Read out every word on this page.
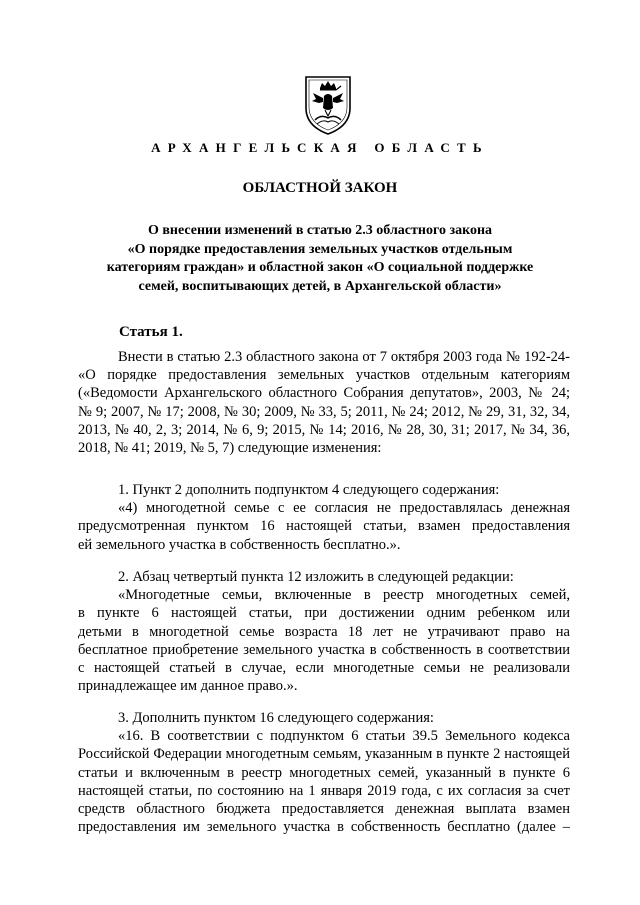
АРХАНГЕЛЬСКАЯ ОБЛАСТЬ
ОБЛАСТНОЙ ЗАКОН
О внесении изменений в статью 2.3 областного закона
«О порядке предоставления земельных участков отдельным
категориям граждан» и областной закон «О социальной поддержке
семей, воспитывающих детей, в Архангельской области»
Статья 1.
Внести в статью 2.3 областного закона от 7 октября 2003 года № 192-24-
«О порядке предоставления земельных участков отдельным категориям
(«Ведомости Архангельского областного Собрания депутатов», 2003, № 24;
№ 9; 2007, № 17; 2008, № 30; 2009, № 33, 5; 2011, № 24; 2012, № 29, 31, 32, 34,
2013, № 40, 2, 3; 2014, № 6, 9; 2015, № 14; 2016, № 28, 30, 31; 2017, № 34, 36,
2018, № 41; 2019, № 5, 7) следующие изменения:
1. Пункт 2 дополнить подпунктом 4 следующего содержания:
«4) многодетной семье с ее согласия не предоставлялась денежная
предусмотренная пунктом 16 настоящей статьи, взамен предоставления
ей земельного участка в собственность бесплатно.».
2. Абзац четвертый пункта 12 изложить в следующей редакции:
«Многодетные семьи, включенные в реестр многодетных семей,
в пункте 6 настоящей статьи, при достижении одним ребенком или
детьми в многодетной семье возраста 18 лет не утрачивают право на
бесплатное приобретение земельного участка в собственность в соответствии
с настоящей статьей в случае, если многодетные семьи не реализовали
принадлежащее им данное право.».
3. Дополнить пунктом 16 следующего содержания:
«16. В соответствии с подпунктом 6 статьи 39.5 Земельного кодекса
Российской Федерации многодетным семьям, указанным в пункте 2 настоящей
статьи и включенным в реестр многодетных семей, указанный в пункте 6
настоящей статьи, по состоянию на 1 января 2019 года, с их согласия за счет
средств областного бюджета предоставляется денежная выплата взамен
предоставления им земельного участка в собственность бесплатно (далее –
